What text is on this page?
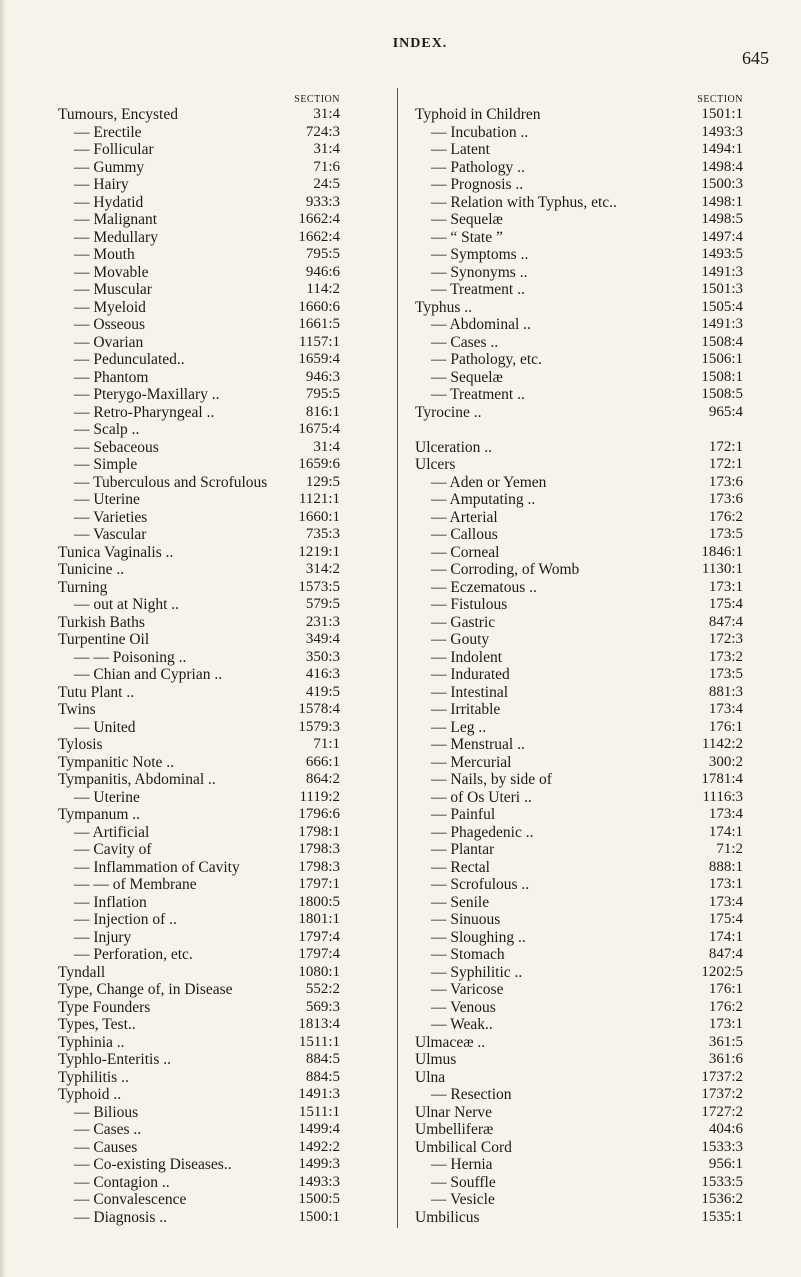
INDEX.
645
SECTION
Tumours, Encysted	31:4
— Erectile	724:3
— Follicular	31:4
— Gummy	71:6
— Hairy	24:5
— Hydatid	933:3
— Malignant	1662:4
— Medullary	1662:4
— Mouth	795:5
— Movable	946:6
— Muscular	114:2
— Myeloid	1660:6
— Osseous	1661:5
— Ovarian	1157:1
— Pedunculated..	1659:4
— Phantom	946:3
— Pterygo-Maxillary ..	795:5
— Retro-Pharyngeal ..	816:1
— Scalp ..	1675:4
— Sebaceous	31:4
— Simple	1659:6
— Tuberculous and Scrofulous	129:5
— Uterine	1121:1
— Varieties	1660:1
— Vascular	735:3
Tunica Vaginalis ..	1219:1
Tunicine ..	314:2
Turning	1573:5
— out at Night ..	579:5
Turkish Baths	231:3
Turpentine Oil	349:4
— — Poisoning ..	350:3
— Chian and Cyprian ..	416:3
Tutu Plant ..	419:5
Twins	1578:4
— United	1579:3
Tylosis	71:1
Tympanitic Note ..	666:1
Tympanitis, Abdominal ..	864:2
— Uterine	1119:2
Tympanum ..	1796:6
— Artificial	1798:1
— Cavity of	1798:3
— Inflammation of Cavity	1798:3
— — of Membrane	1797:1
— Inflation	1800:5
— Injection of ..	1801:1
— Injury	1797:4
— Perforation, etc.	1797:4
Tyndall	1080:1
Type, Change of, in Disease	552:2
Type Founders	569:3
Types, Test..	1813:4
Typhinia ..	1511:1
Typhlo-Enteritis ..	884:5
Typhilitis ..	884:5
Typhoid ..	1491:3
— Bilious	1511:1
— Cases ..	1499:4
— Causes	1492:2
— Co-existing Diseases..	1499:3
— Contagion ..	1493:3
— Convalescence	1500:5
— Diagnosis ..	1500:1
SECTION
Typhoid in Children	1501:1
— Incubation ..	1493:3
— Latent	1494:1
— Pathology ..	1498:4
— Prognosis ..	1500:3
— Relation with Typhus, etc..	1498:1
— Sequelæ	1498:5
— “ State ”	1497:4
— Symptoms ..	1493:5
— Synonyms ..	1491:3
— Treatment ..	1501:3
Typhus ..	1505:4
— Abdominal ..	1491:3
— Cases ..	1508:4
— Pathology, etc.	1506:1
— Sequelæ	1508:1
— Treatment ..	1508:5
Tyrocine ..	965:4
Ulceration ..	172:1
Ulcers	172:1
— Aden or Yemen	173:6
— Amputating ..	173:6
— Arterial	176:2
— Callous	173:5
— Corneal	1846:1
— Corroding, of Womb	1130:1
— Eczematous ..	173:1
— Fistulous	175:4
— Gastric	847:4
— Gouty	172:3
— Indolent	173:2
— Indurated	173:5
— Intestinal	881:3
— Irritable	173:4
— Leg ..	176:1
— Menstrual ..	1142:2
— Mercurial	300:2
— Nails, by side of	1781:4
— of Os Uteri ..	1116:3
— Painful	173:4
— Phagedenic ..	174:1
— Plantar	71:2
— Rectal	888:1
— Scrofulous ..	173:1
— Senile	173:4
— Sinuous	175:4
— Sloughing ..	174:1
— Stomach	847:4
— Syphilitic ..	1202:5
— Varicose	176:1
— Venous	176:2
— Weak..	173:1
Ulmaceæ ..	361:5
Ulmus	361:6
Ulna	1737:2
— Resection	1737:2
Ulnar Nerve	1727:2
Umbelliferæ	404:6
Umbilical Cord	1533:3
— Hernia	956:1
— Souffle	1533:5
— Vesicle	1536:2
Umbilicus	1535:1
